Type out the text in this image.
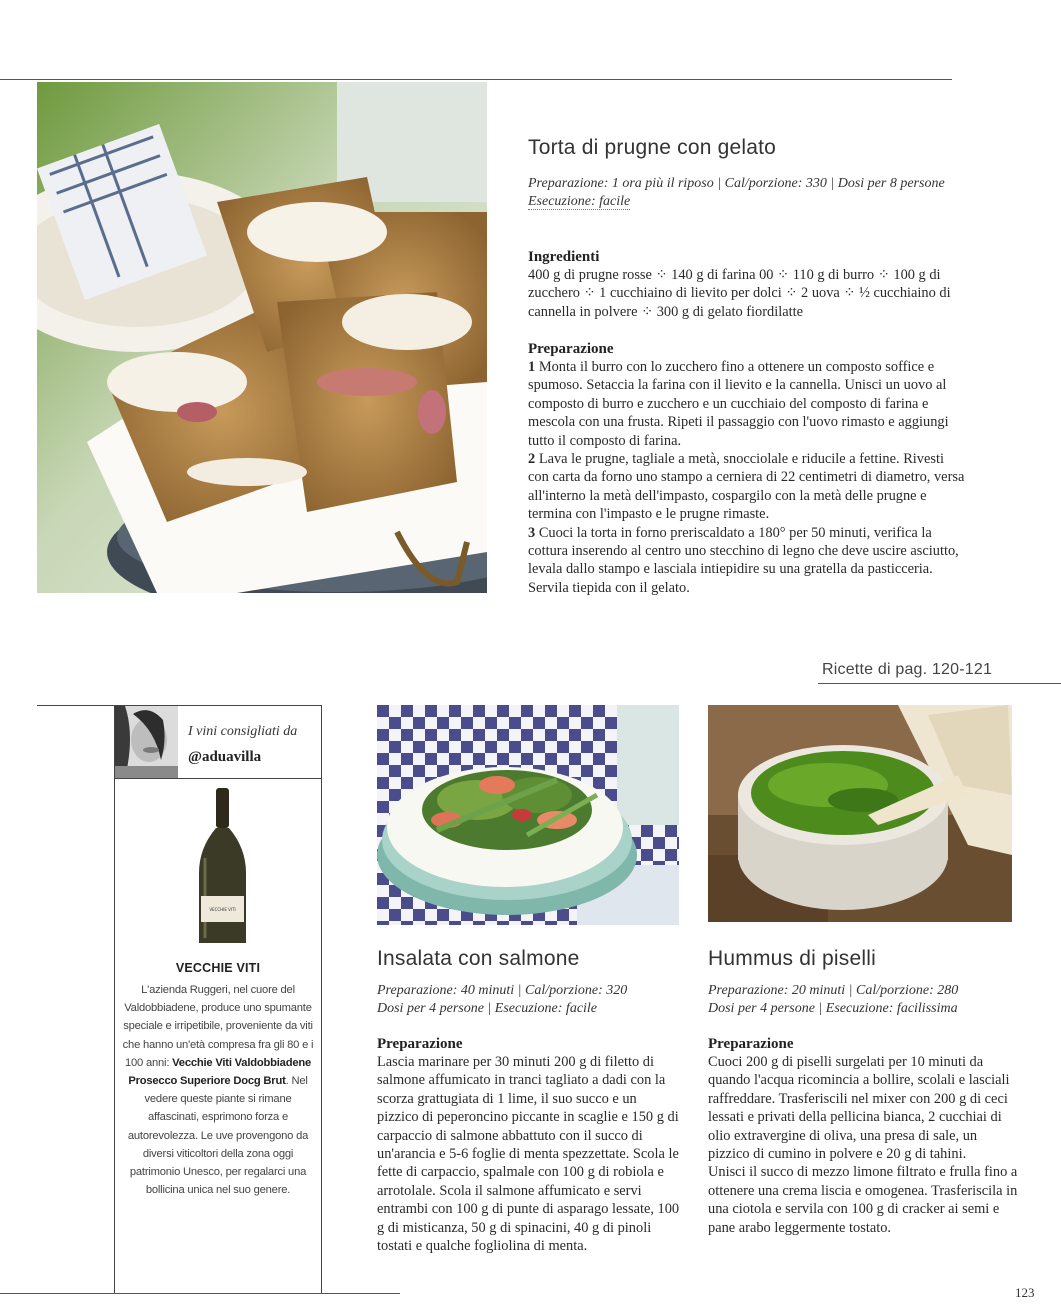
Torta di prugne con gelato
Preparazione: 1 ora più il riposo | Cal/porzione: 330 | Dosi per 8 persone
Esecuzione: facile

Ingredienti

400 g di prugne rosse ⁘ 140 g di farina 00 ⁘ 110 g di burro ⁘ 100 g di zucchero ⁘ 1 cucchiaino di lievito per dolci ⁘ 2 uova ⁘ ½ cucchiaino di cannella in polvere ⁘ 300 g di gelato fiordilatte

Preparazione

1 Monta il burro con lo zucchero fino a ottenere un composto soffice e spumoso. Setaccia la farina con il lievito e la cannella. Unisci un uovo al composto di burro e zucchero e un cucchiaio del composto di farina e mescola con una frusta. Ripeti il passaggio con l'uovo rimasto e aggiungi tutto il composto di farina.

2 Lava le prugne, tagliale a metà, snocciolale e riducile a fettine. Rivesti con carta da forno uno stampo a cerniera di 22 centimetri di diametro, versa all'interno la metà dell'impasto, cospargilo con la metà delle prugne e termina con l'impasto e le prugne rimaste.

3 Cuoci la torta in forno preriscaldato a 180° per 50 minuti, verifica la cottura inserendo al centro uno stecchino di legno che deve uscire asciutto, levala dallo stampo e lasciala intiepidire su una gratella da pasticceria. Servila tiepida con il gelato.

Ricette di pag. 120-121
I vini consigliati da
@aduavilla
VECCHIE VITI
VECCHIE VITI
L'azienda Ruggeri, nel cuore del Valdobbiadene, produce uno spumante speciale e irripetibile, proveniente da viti che hanno un'età compresa fra gli 80 e i 100 anni: Vecchie Viti Valdobbiadene Prosecco Superiore Docg Brut. Nel vedere queste piante si rimane affascinati, esprimono forza e autorevolezza. Le uve provengono da diversi viticoltori della zona oggi patrimonio Unesco, per regalarci una bollicina unica nel suo genere.
Insalata con salmone
Preparazione: 40 minuti | Cal/porzione: 320
Dosi per 4 persone | Esecuzione: facile

Preparazione

Lascia marinare per 30 minuti 200 g di filetto di salmone affumicato in tranci tagliato a dadi con la scorza grattugiata di 1 lime, il suo succo e un pizzico di peperoncino piccante in scaglie e 150 g di carpaccio di salmone abbattuto con il succo di un'arancia e 5-6 foglie di menta spezzettate. Scola le fette di carpaccio, spalmale con 100 g di robiola e arrotolale. Scola il salmone affumicato e servi entrambi con 100 g di punte di asparago lessate, 100 g di misticanza, 50 g di spinacini, 40 g di pinoli tostati e qualche fogliolina di menta.

Hummus di piselli
Preparazione: 20 minuti | Cal/porzione: 280
Dosi per 4 persone | Esecuzione: facilissima

Preparazione

Cuoci 200 g di piselli surgelati per 10 minuti da quando l'acqua ricomincia a bollire, scolali e lasciali raffreddare. Trasferiscili nel mixer con 200 g di ceci lessati e privati della pellicina bianca, 2 cucchiai di olio extravergine di oliva, una presa di sale, un pizzico di cumino in polvere e 20 g di tahini.

Unisci il succo di mezzo limone filtrato e frulla fino a ottenere una crema liscia e omogenea. Trasferiscila in una ciotola e servila con 100 g di cracker ai semi e pane arabo leggermente tostato.

123
